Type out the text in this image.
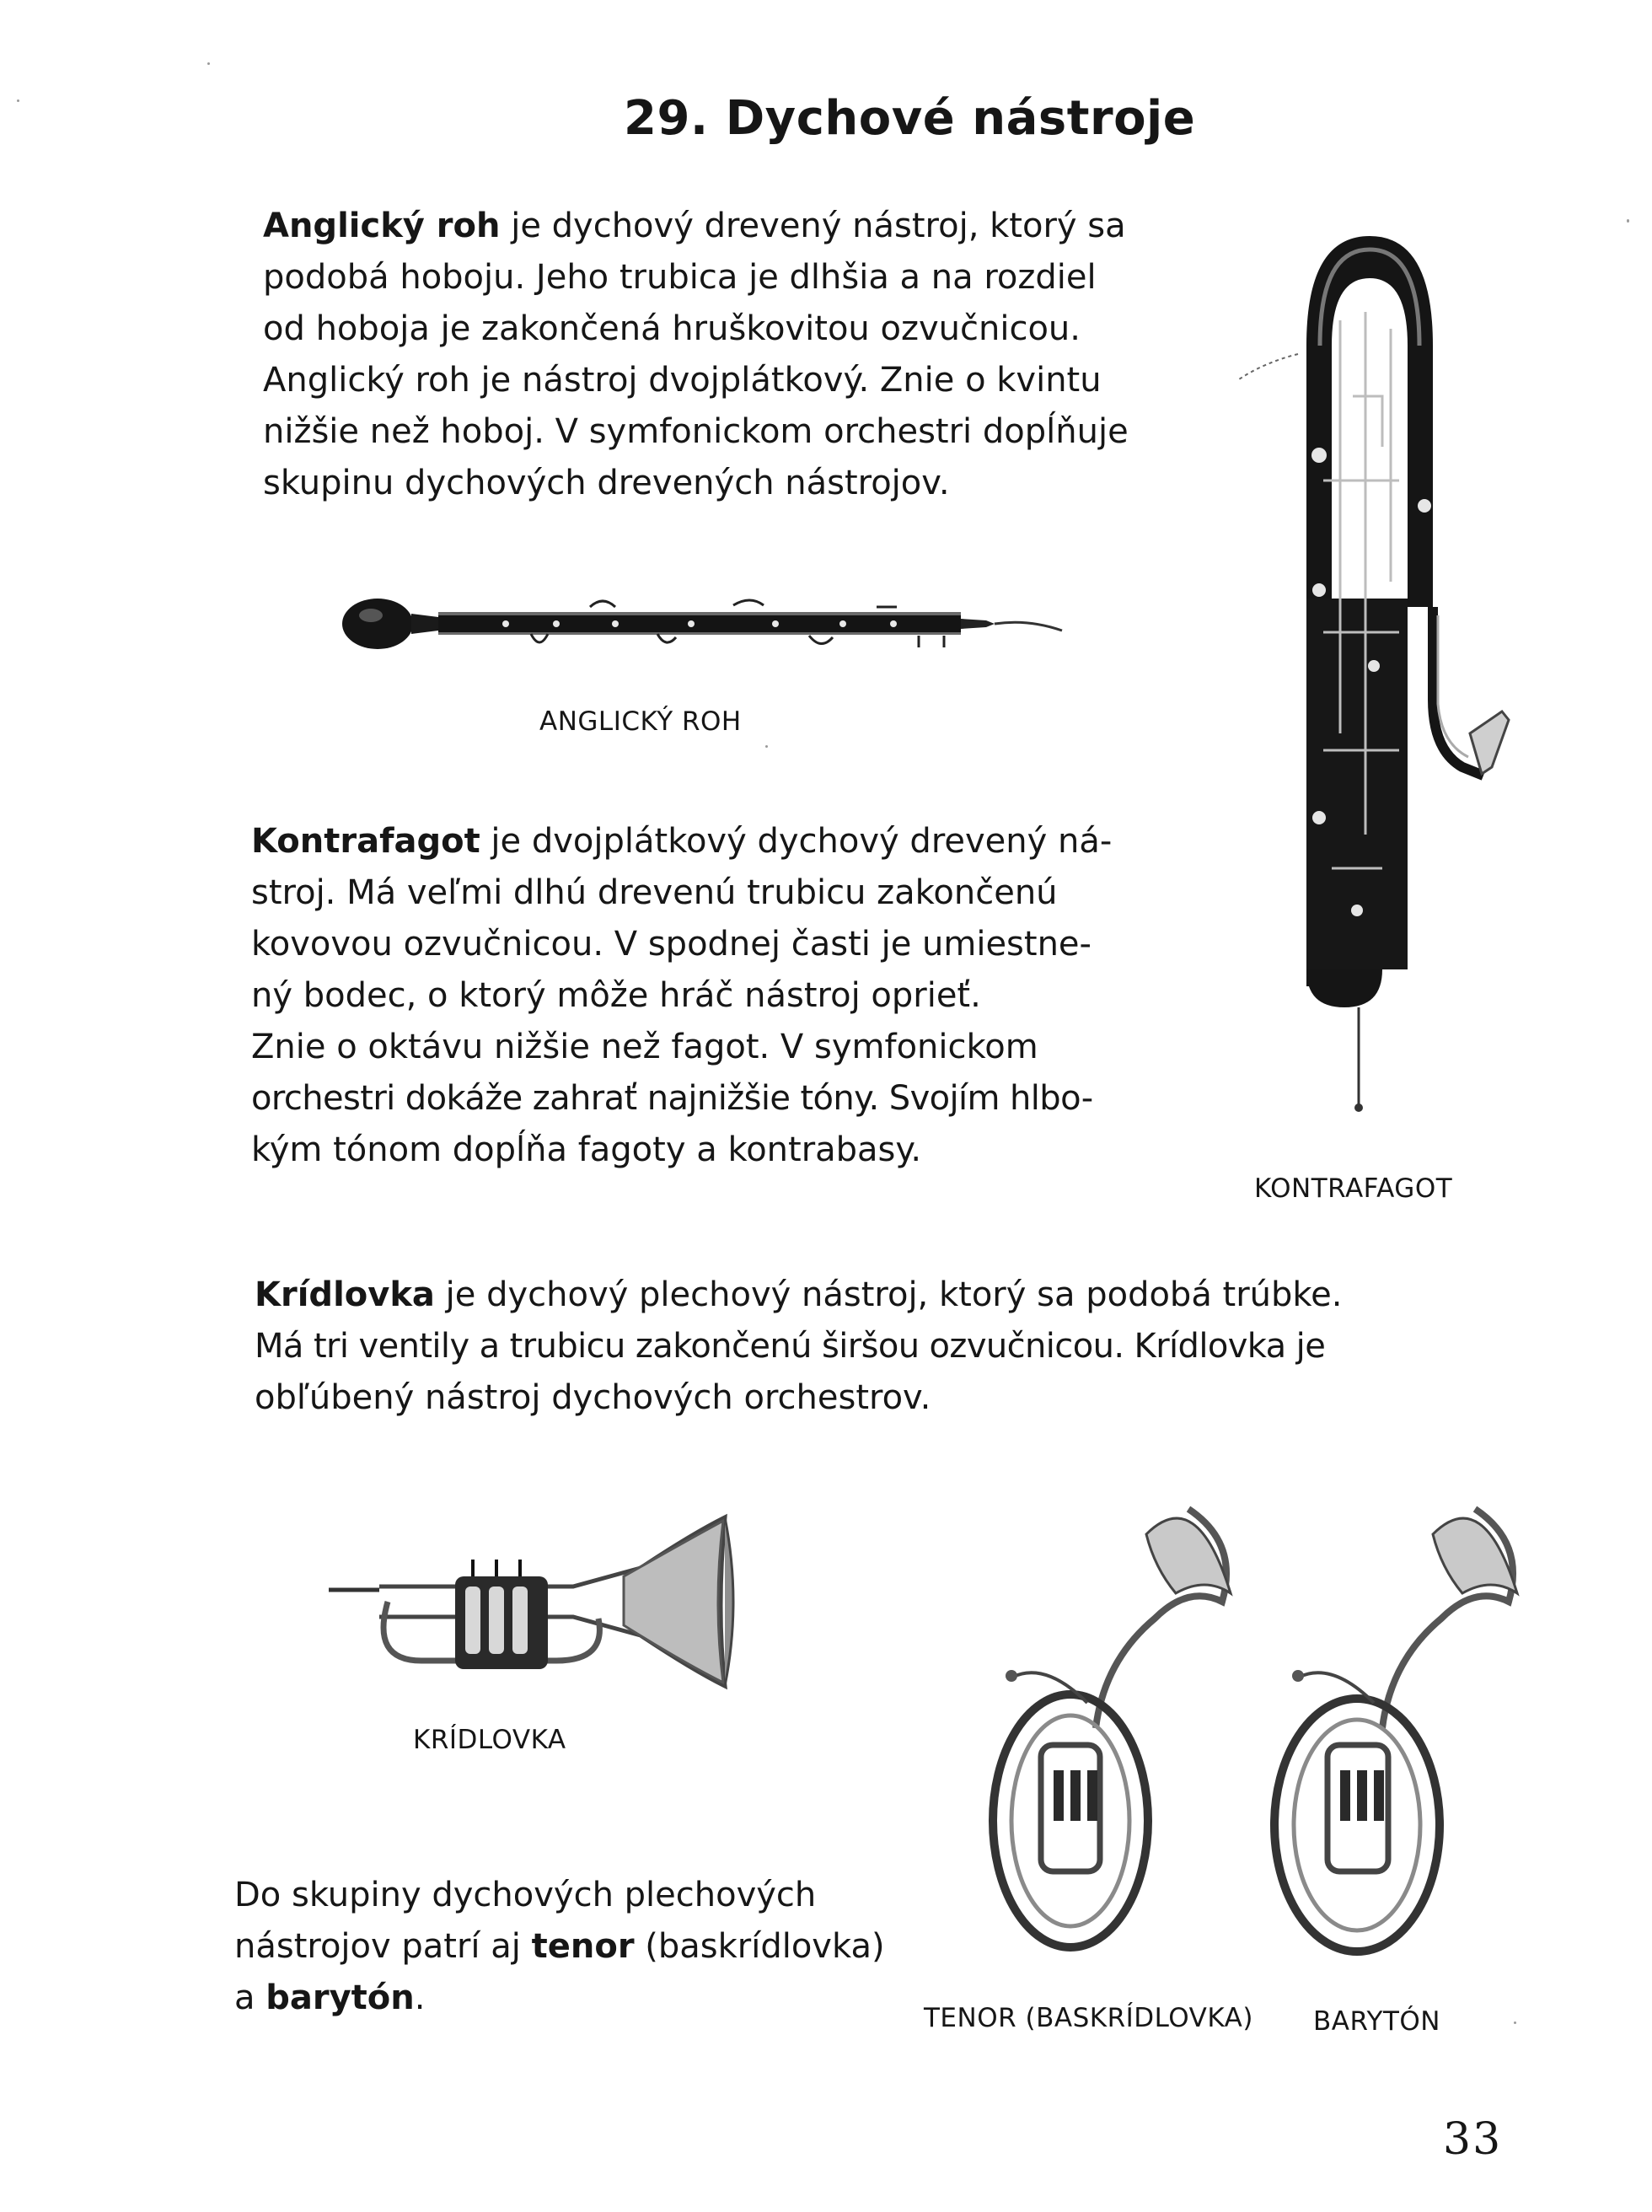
29. Dychové nástroje
Anglický roh je dychový drevený nástroj, ktorý sa
podobá hoboju. Jeho trubica je dlhšia a na rozdiel
od hoboja je zakončená hruškovitou ozvučnicou.
Anglický roh je nástroj dvojplátkový. Znie o kvintu
nižšie než hoboj. V symfonickom orchestri dopĺňuje
skupinu dychových drevených nástrojov.
ANGLICKÝ ROH
Kontrafagot je dvojplátkový dychový drevený ná-
stroj. Má veľmi dlhú drevenú trubicu zakončenú
kovovou ozvučnicou. V spodnej časti je umiestne-
ný bodec, o ktorý môže hráč nástroj oprieť.
Znie o oktávu nižšie než fagot. V symfonickom
orchestri dokáže zahrať najnižšie tóny. Svojím hlbo-
kým tónom dopĺňa fagoty a kontrabasy.
KONTRAFAGOT
Krídlovka je dychový plechový nástroj, ktorý sa podobá trúbke.
Má tri ventily a trubicu zakončenú širšou ozvučnicou. Krídlovka je
obľúbený nástroj dychových orchestrov.
KRÍDLOVKA
Do skupiny dychových plechových
nástrojov patrí aj tenor (baskrídlovka)
a barytón.
TENOR (BASKRÍDLOVKA) BARYTÓN
33
